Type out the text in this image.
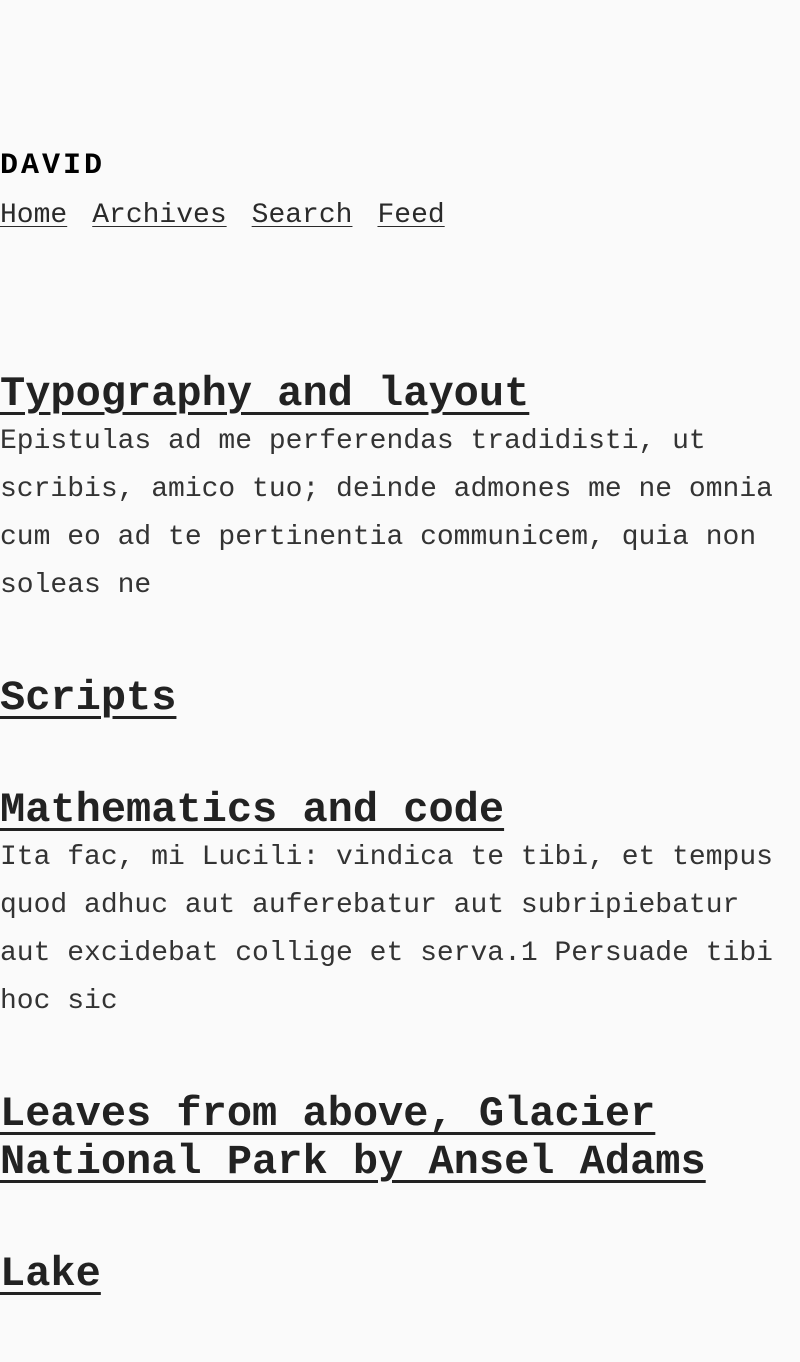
DAVID
Home Archives Search Feed
Typography and layout

Epistulas ad me perferendas tradidisti, ut scribis, amico tuo; deinde admones me ne omnia cum eo ad te pertinentia communicem, quia non soleas ne

Scripts
Mathematics and code

Ita fac, mi Lucili: vindica te tibi, et tempus quod adhuc aut auferebatur aut subripiebatur aut excidebat collige et serva.1 Persuade tibi hoc sic

Leaves from above, Glacier National Park by Ansel Adams
Lake
